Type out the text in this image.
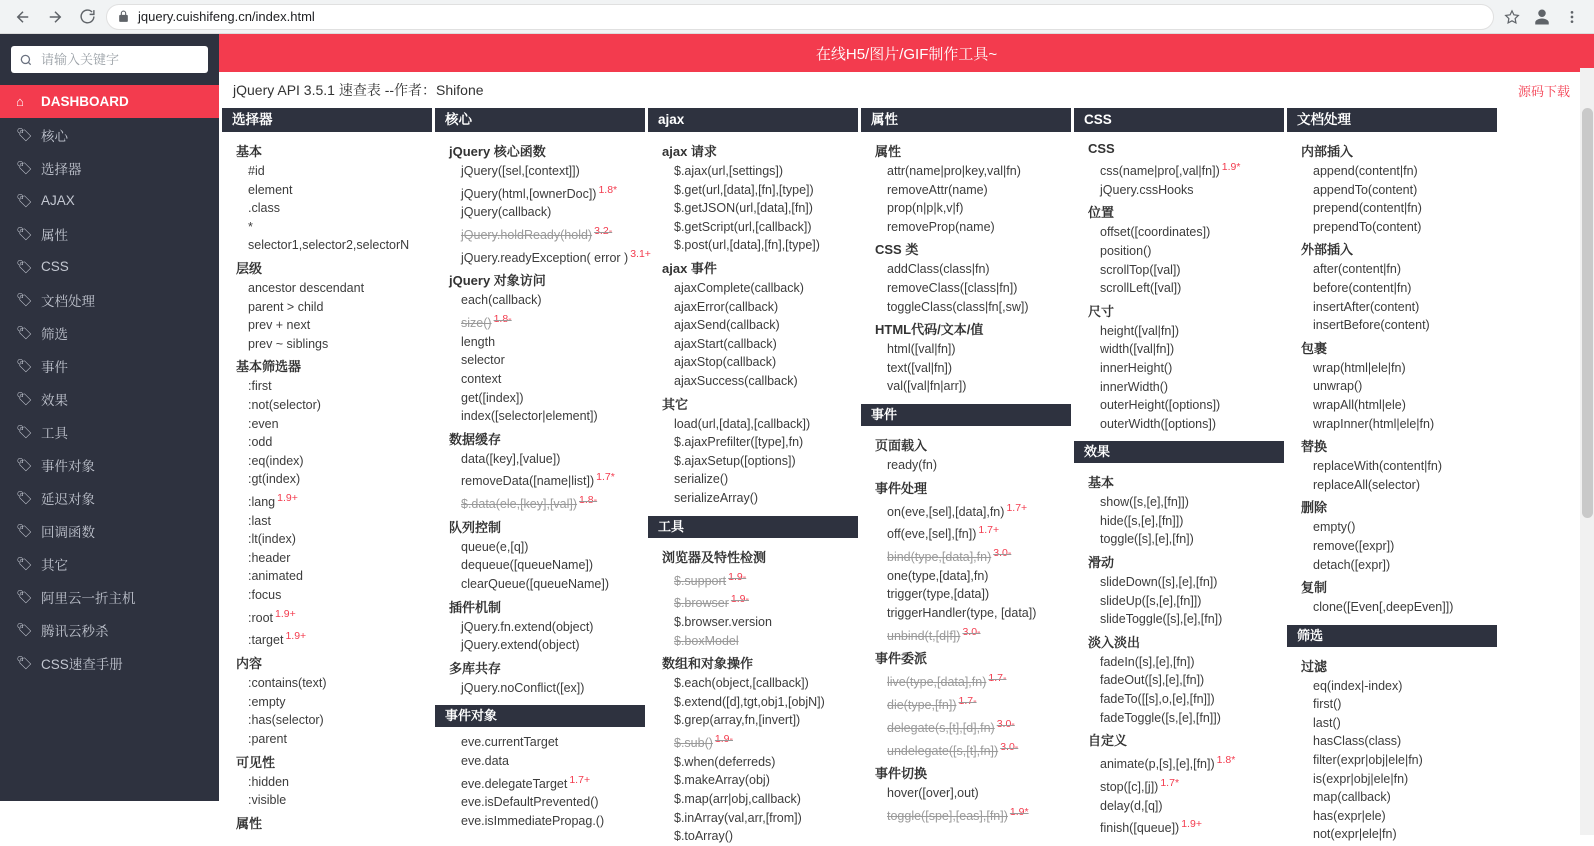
jquery.cuishifeng.cn/index.html
请输入关键字
⌂	DASHBOARD
🏷 核心
🏷 选择器
🏷 AJAX
🏷 属性
🏷 CSS
🏷 文档处理
🏷 筛选
🏷 事件
🏷 效果
🏷 工具
🏷 事件对象
🏷 延迟对象
🏷 回调函数
🏷 其它
🏷 阿里云一折主机
🏷 腾讯云秒杀
🏷 CSS速查手册
在线H5/图片/GIF制作工具~
jQuery API 3.5.1 速查表 --作者：Shifone	源码下载
选择器
基本
#id
element
.class
*
selector1,selector2,selectorN
层级
ancestor descendant
parent > child
prev + next
prev ~ siblings
基本筛选器
:first
:not(selector)
:even
:odd
:eq(index)
:gt(index)
:lang $^{1.9+}$
:last
:lt(index)
:header
:animated
:focus
:root $^{1.9+}$
:target $^{1.9+}$
内容
:contains(text)
:empty
:has(selector)
:parent
可见性
:hidden
:visible
属性
核心
jQuery 核心函数
jQuery([sel,[context]])
jQuery(html,[ownerDoc]) $^{1.8*}$
jQuery(callback)
jQuery.holdReady(hold) $^{3.2-}$
jQuery.readyException( error ) $^{3.1+}$
jQuery 对象访问
each(callback)
size() $^{1.8-}$
length
selector
context
get([index])
index([selector|element])
数据缓存
data([key],[value])
removeData([name|list]) $^{1.7*}$
$.data(ele,[key],[val]) $^{1.8-}$
队列控制
queue(e,[q])
dequeue([queueName])
clearQueue([queueName])
插件机制
jQuery.fn.extend(object)
jQuery.extend(object)
多库共存
jQuery.noConflict([ex])
事件对象
eve.currentTarget
eve.data
eve.delegateTarget $^{1.7+}$
eve.isDefaultPrevented()
eve.isImmediatePropag.()
ajax
ajax 请求
$.ajax(url,[settings])
$.get(url,[data],[fn],[type])
$.getJSON(url,[data],[fn])
$.getScript(url,[callback])
$.post(url,[data],[fn],[type])
ajax 事件
ajaxComplete(callback)
ajaxError(callback)
ajaxSend(callback)
ajaxStart(callback)
ajaxStop(callback)
ajaxSuccess(callback)
其它
load(url,[data],[callback])
$.ajaxPrefilter([type],fn)
$.ajaxSetup([options])
serialize()
serializeArray()
工具
浏览器及特性检测
$.support $^{1.9-}$
$.browser $^{1.9-}$
$.browser.version
$.boxModel
数组和对象操作
$.each(object,[callback])
$.extend([d],tgt,obj1,[objN])
$.grep(array,fn,[invert])
$.sub() $^{1.9-}$
$.when(deferreds)
$.makeArray(obj)
$.map(arr|obj,callback)
$.inArray(val,arr,[from])
$.toArray()
属性
属性
attr(name|pro|key,val|fn)
removeAttr(name)
prop(n|p|k,v|f)
removeProp(name)
CSS 类
addClass(class|fn)
removeClass([class|fn])
toggleClass(class|fn[,sw])
HTML代码/文本/值
html([val|fn])
text([val|fn])
val([val|fn|arr])
事件
页面载入
ready(fn)
事件处理
on(eve,[sel],[data],fn) $^{1.7+}$
off(eve,[sel],[fn]) $^{1.7+}$
bind(type,[data],fn) $^{3.0-}$
one(type,[data],fn)
trigger(type,[data])
triggerHandler(type, [data])
unbind(t,[d|f]) $^{3.0-}$
事件委派
live(type,[data],fn) $^{1.7-}$
die(type,[fn]) $^{1.7-}$
delegate(s,[t],[d],fn) $^{3.0-}$
undelegate([s,[t],fn]) $^{3.0-}$
事件切换
hover([over],out)
toggle([spe],[eas],[fn]) $^{1.9*}$
CSS
CSS
css(name|pro[,val|fn]) $^{1.9*}$
jQuery.cssHooks
位置
offset([coordinates])
position()
scrollTop([val])
scrollLeft([val])
尺寸
height([val|fn])
width([val|fn])
innerHeight()
innerWidth()
outerHeight([options])
outerWidth([options])
效果
基本
show([s,[e],[fn]])
hide([s,[e],[fn]])
toggle([s],[e],[fn])
滑动
slideDown([s],[e],[fn])
slideUp([s,[e],[fn]])
slideToggle([s],[e],[fn])
淡入淡出
fadeIn([s],[e],[fn])
fadeOut([s],[e],[fn])
fadeTo([[s],o,[e],[fn]])
fadeToggle([s,[e],[fn]])
自定义
animate(p,[s],[e],[fn]) $^{1.8*}$
stop([c],[j]) $^{1.7*}$
delay(d,[q])
finish([queue]) $^{1.9+}$
文档处理
内部插入
append(content|fn)
appendTo(content)
prepend(content|fn)
prependTo(content)
外部插入
after(content|fn)
before(content|fn)
insertAfter(content)
insertBefore(content)
包裹
wrap(html|ele|fn)
unwrap()
wrapAll(html|ele)
wrapInner(html|ele|fn)
替换
replaceWith(content|fn)
replaceAll(selector)
删除
empty()
remove([expr])
detach([expr])
复制
clone([Even[,deepEven]])
筛选
过滤
eq(index|-index)
first()
last()
hasClass(class)
filter(expr|obj|ele|fn)
is(expr|obj|ele|fn)
map(callback)
has(expr|ele)
not(expr|ele|fn)
